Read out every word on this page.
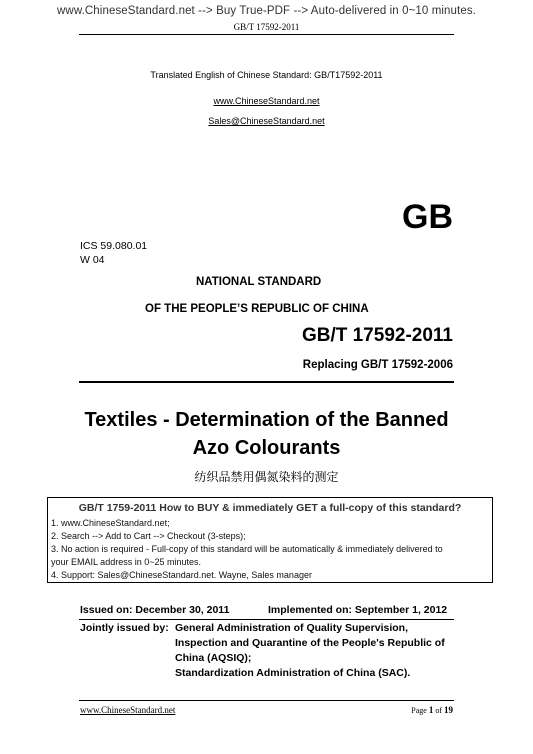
www.ChineseStandard.net --> Buy True-PDF --> Auto-delivered in 0~10 minutes.
GB/T 17592-2011
Translated English of Chinese Standard: GB/T17592-2011
www.ChineseStandard.net
Sales@ChineseStandard.net
GB
ICS 59.080.01
W 04
NATIONAL STANDARD
OF THE PEOPLE’S REPUBLIC OF CHINA
GB/T 17592-2011
Replacing GB/T 17592-2006
Textiles - Determination of the Banned
Azo Colourants
纺织品禁用偶氮染料的测定
GB/T 1759-2011 How to BUY & immediately GET a full-copy of this standard?
1. www.ChineseStandard.net;
2. Search --> Add to Cart --> Checkout (3-steps);
3. No action is required - Full-copy of this standard will be automatically & immediately delivered to
your EMAIL address in 0~25 minutes.
4. Support: Sales@ChineseStandard.net. Wayne, Sales manager
Issued on: December 30, 2011	Implemented on: September 1, 2012
Jointly issued by: General Administration of Quality Supervision,
Inspection and Quarantine of the People's Republic of
China (AQSIQ);
Standardization Administration of China (SAC).
www.ChineseStandard.net	Page 1 of 19
